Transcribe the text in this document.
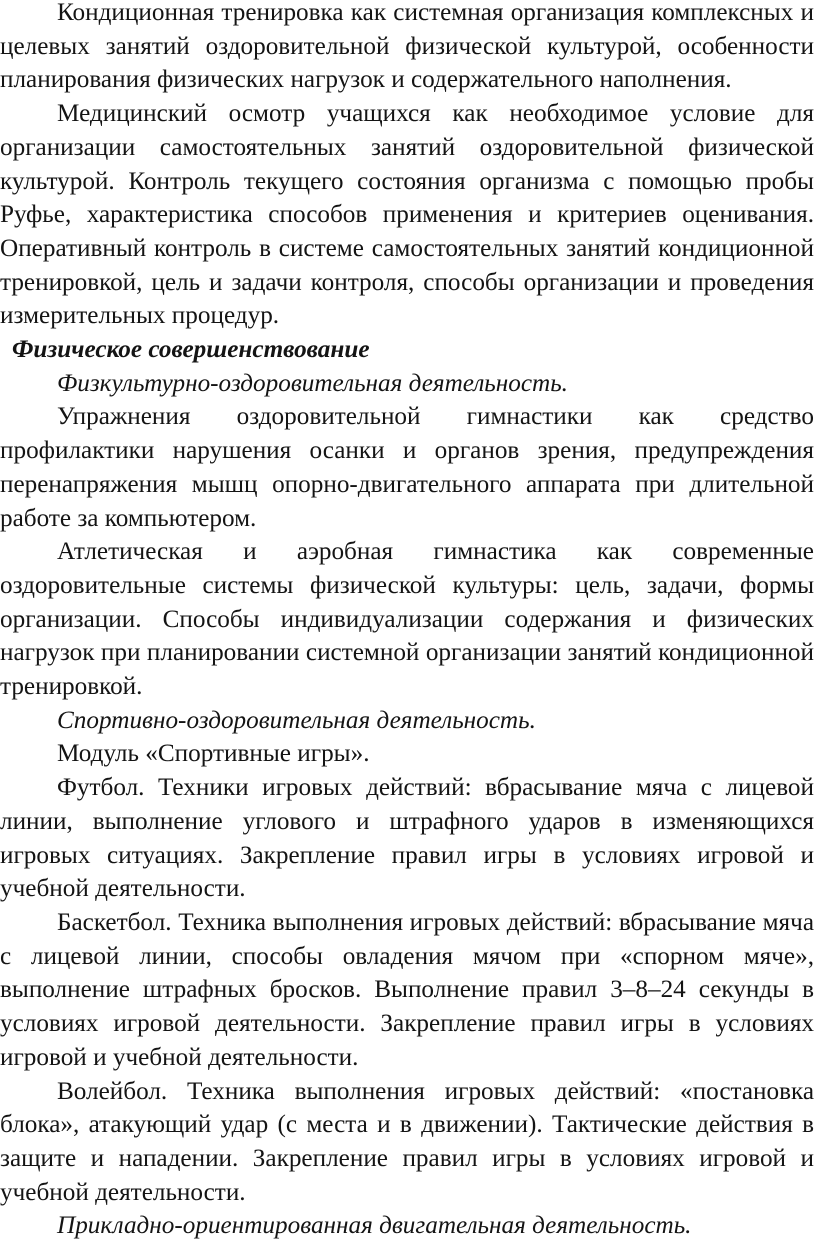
Кондиционная тренировка как системная организация комплексных и целевых занятий оздоровительной физической культурой, особенности планирования физических нагрузок и содержательного наполнения.

Медицинский осмотр учащихся как необходимое условие для организации самостоятельных занятий оздоровительной физической культурой. Контроль текущего состояния организма с помощью пробы Руфье, характеристика способов применения и критериев оценивания. Оперативный контроль в системе самостоятельных занятий кондиционной тренировкой, цель и задачи контроля, способы организации и проведения измерительных процедур.

Физическое совершенствование

Физкультурно-оздоровительная деятельность.

Упражнения оздоровительной гимнастики как средство профилактики нарушения осанки и органов зрения, предупреждения перенапряжения мышц опорно-двигательного аппарата при длительной работе за компьютером.

Атлетическая и аэробная гимнастика как современные оздоровительные системы физической культуры: цель, задачи, формы организации. Способы индивидуализации содержания и физических нагрузок при планировании системной организации занятий кондиционной тренировкой.

Спортивно-оздоровительная деятельность.

Модуль «Спортивные игры».

Футбол. Техники игровых действий: вбрасывание мяча с лицевой линии, выполнение углового и штрафного ударов в изменяющихся игровых ситуациях. Закрепление правил игры в условиях игровой и учебной деятельности.

Баскетбол. Техника выполнения игровых действий: вбрасывание мяча с лицевой линии, способы овладения мячом при «спорном мяче», выполнение штрафных бросков. Выполнение правил 3–8–24 секунды в условиях игровой деятельности. Закрепление правил игры в условиях игровой и учебной деятельности.

Волейбол. Техника выполнения игровых действий: «постановка блока», атакующий удар (с места и в движении). Тактические действия в защите и нападении. Закрепление правил игры в условиях игровой и учебной деятельности.

Прикладно-ориентированная двигательная деятельность.
